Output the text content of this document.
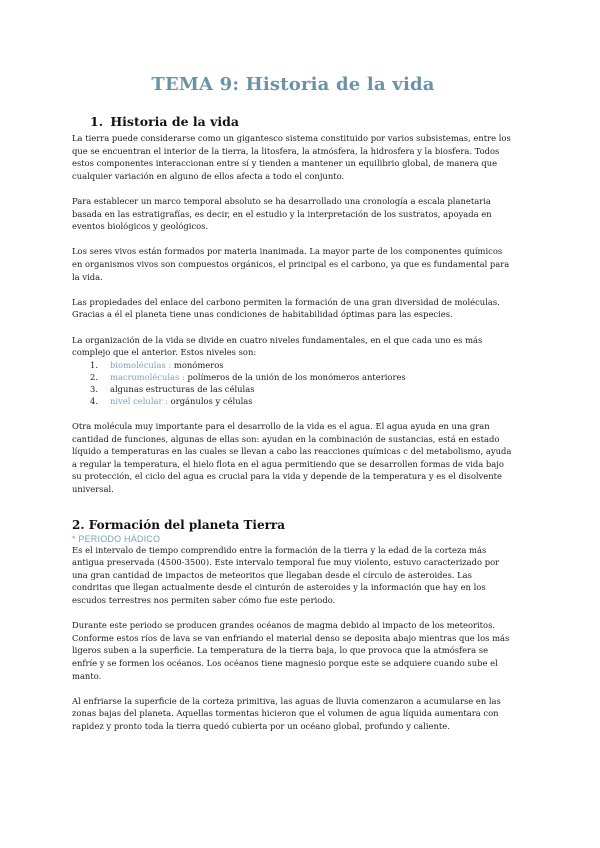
TEMA 9: Historia de la vida
1. Historia de la vida

La tierra puede considerarse como un gigantesco sistema constituido por varios subsistemas, entre los que se encuentran el interior de la tierra, la litosfera, la atmósfera, la hidrosfera y la biosfera. Todos estos componentes interaccionan entre sí y tienden a mantener un equilibrio global, de manera que cualquier variación en alguno de ellos afecta a todo el conjunto.

Para establecer un marco temporal absoluto se ha desarrollado una cronología a escala planetaria basada en las estratigrafías, es decir, en el estudio y la interpretación de los sustratos, apoyada en eventos biológicos y geológicos.

Los seres vivos están formados por materia inanimada. La mayor parte de los componentes químicos en organismos vivos son compuestos orgánicos, el principal es el carbono, ya que es fundamental para la vida.

Las propiedades del enlace del carbono permiten la formación de una gran diversidad de moléculas. Gracias a él el planeta tiene unas condiciones de habitabilidad óptimas para las especies.

La organización de la vida se divide en cuatro niveles fundamentales, en el que cada uno es más complejo que el anterior. Estos niveles son:

1.	biomoléculas : monómeros
2.	macromoléculas : polímeros de la unión de los monómeros anteriores
3.	algunas estructuras de las células
4.	nivel celular : orgánulos y células

Otra molécula muy importante para el desarrollo de la vida es el agua. El agua ayuda en una gran cantidad de funciones, algunas de ellas son: ayudan en la combinación de sustancias, está en estado líquido a temperaturas en las cuales se llevan a cabo las reacciones químicas c del metabolismo, ayuda a regular la temperatura, el hielo flota en el agua permitiendo que se desarrollen formas de vida bajo su protección, el ciclo del agua es crucial para la vida y depende de la temperatura y es el disolvente universal.

2. Formación del planeta Tierra
* PERIODO HÁDICO

Es el intervalo de tiempo comprendido entre la formación de la tierra y la edad de la corteza más antigua preservada (4500-3500). Este intervalo temporal fue muy violento, estuvo caracterizado por una gran cantidad de impactos de meteoritos que llegaban desde el círculo de asteroides. Las condritas que llegan actualmente desde el cinturón de asteroides y la información que hay en los escudos terrestres nos permiten saber cómo fue este periodo.

Durante este periodo se producen grandes océanos de magma debido al impacto de los meteoritos. Conforme estos ríos de lava se van enfriando el material denso se deposita abajo mientras que los más ligeros suben a la superficie. La temperatura de la tierra baja, lo que provoca que la atmósfera se enfríe y se formen los océanos. Los océanos tiene magnesio porque este se adquiere cuando sube el manto.

Al enfriarse la superficie de la corteza primitiva, las aguas de lluvia comenzaron a acumularse en las zonas bajas del planeta. Aquellas tormentas hicieron que el volumen de agua líquida aumentara con rapidez y pronto toda la tierra quedó cubierta por un océano global, profundo y caliente.
